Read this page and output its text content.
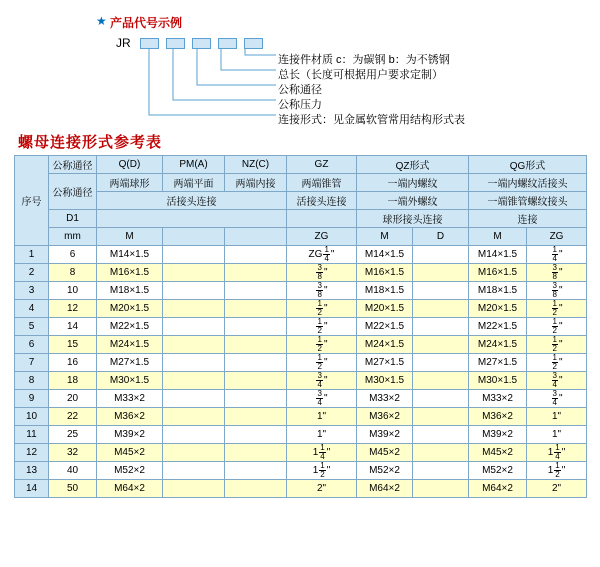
★ 产品代号示例
JR
连接形式：见金属软管常用结构形式表
公称压力
公称通径
总长（长度可根据用户要求定制）
连接件材质 c：为碳钢 b：为不锈钢
螺母连接形式参考表
序号	公称通径	Q(D)	PM(A)	NZ(C)	GZ	QZ形式		QG形式	
	公称通径	两端球形	两端平面	两端内接	两端锥管	一端内螺纹		一端内螺纹活接头	
		活接头连接			活接头连接	一端外螺纹		一端锥管螺纹接头	
	D1					球形接头连接		连接	
	mm	M			ZG	M	D	M	ZG
1	6	M14×1.5			ZG $\frac{1}{4}$ "	M14×1.5		M14×1.5	$\frac{1}{4}$ "
2	8	M16×1.5			$\frac{3}{8}$ "	M16×1.5		M16×1.5	$\frac{3}{8}$ "
3	10	M18×1.5			$\frac{3}{8}$ "	M18×1.5		M18×1.5	$\frac{3}{8}$ "
4	12	M20×1.5			$\frac{1}{2}$ "	M20×1.5		M20×1.5	$\frac{1}{2}$ "
5	14	M22×1.5			$\frac{1}{2}$ "	M22×1.5		M22×1.5	$\frac{1}{2}$ "
6	15	M24×1.5			$\frac{1}{2}$ "	M24×1.5		M24×1.5	$\frac{1}{2}$ "
7	16	M27×1.5			$\frac{1}{2}$ "	M27×1.5		M27×1.5	$\frac{1}{2}$ "
8	18	M30×1.5			$\frac{3}{4}$ "	M30×1.5		M30×1.5	$\frac{3}{4}$ "
9	20	M33×2			$\frac{3}{4}$ "	M33×2		M33×2	$\frac{3}{4}$ "
10	22	M36×2			1"	M36×2		M36×2	1"
11	25	M39×2			1"	M39×2		M39×2	1"
12	32	M45×2			$1 \frac{1}{4}$ "	M45×2		M45×2	$1 \frac{1}{4}$ "
13	40	M52×2			$1 \frac{1}{2}$ "	M52×2		M52×2	$1 \frac{1}{2}$ "
14	50	M64×2			2"	M64×2		M64×2	2"
